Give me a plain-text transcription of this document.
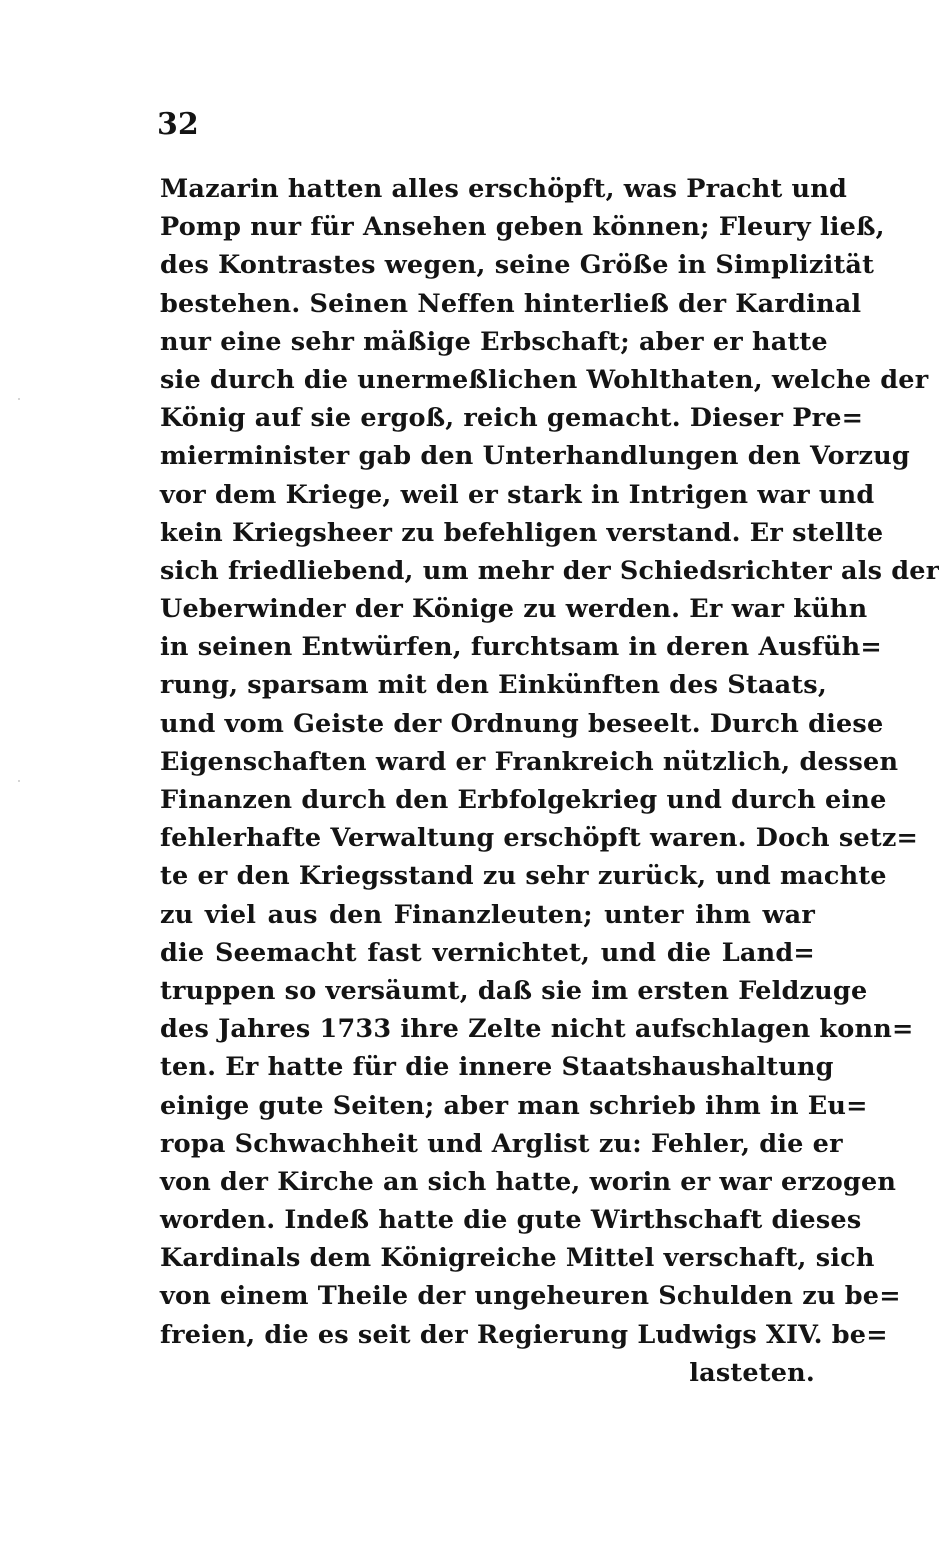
32
Mazarin hatten alles erschöpft, was Pracht und
Pomp nur für Ansehen geben können; Fleury ließ,
des Kontrastes wegen, seine Größe in Simplizität
bestehen. Seinen Neffen hinterließ der Kardinal
nur eine sehr mäßige Erbschaft; aber er hatte
sie durch die unermeßlichen Wohlthaten, welche der
König auf sie ergoß, reich gemacht. Dieser Pre=
mierminister gab den Unterhandlungen den Vorzug
vor dem Kriege, weil er stark in Intrigen war und
kein Kriegsheer zu befehligen verstand. Er stellte
sich friedliebend, um mehr der Schiedsrichter als der
Ueberwinder der Könige zu werden. Er war kühn
in seinen Entwürfen, furchtsam in deren Ausfüh=
rung, sparsam mit den Einkünften des Staats,
und vom Geiste der Ordnung beseelt. Durch diese
Eigenschaften ward er Frankreich nützlich, dessen
Finanzen durch den Erbfolgekrieg und durch eine
fehlerhafte Verwaltung erschöpft waren. Doch setz=
te er den Kriegsstand zu sehr zurück, und machte
zu viel aus den Finanzleuten; unter ihm war
die Seemacht fast vernichtet, und die Land=
truppen so versäumt, daß sie im ersten Feldzuge
des Jahres 1733 ihre Zelte nicht aufschlagen konn=
ten. Er hatte für die innere Staatshaushaltung
einige gute Seiten; aber man schrieb ihm in Eu=
ropa Schwachheit und Arglist zu: Fehler, die er
von der Kirche an sich hatte, worin er war erzogen
worden. Indeß hatte die gute Wirthschaft dieses
Kardinals dem Königreiche Mittel verschaft, sich
von einem Theile der ungeheuren Schulden zu be=
freien, die es seit der Regierung Ludwigs XIV. be=
lasteten.
